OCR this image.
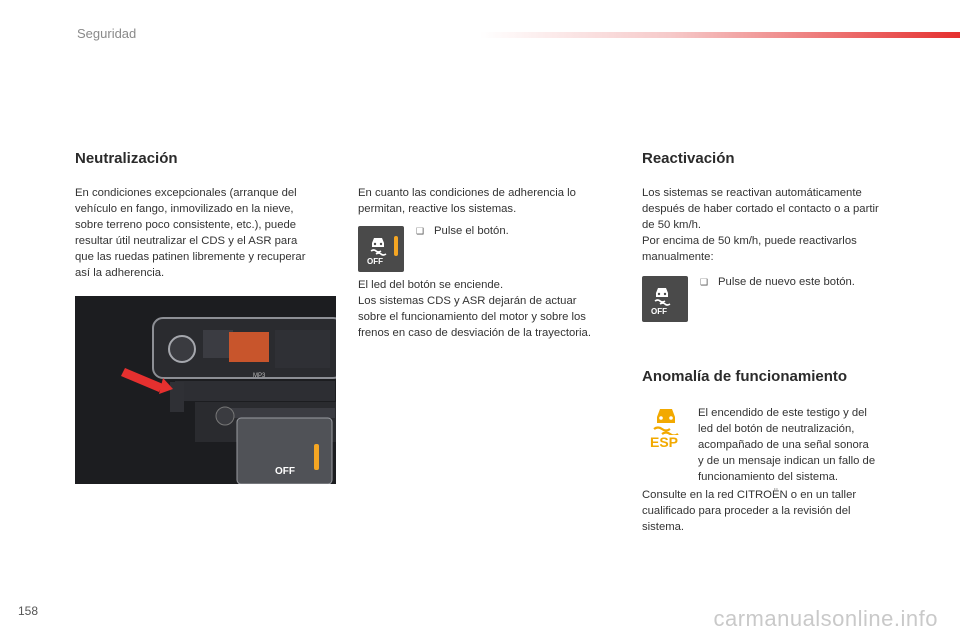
Seguridad
Neutralización

En condiciones excepcionales (arranque del

vehículo en fango, inmovilizado en la nieve,

sobre terreno poco consistente, etc.), puede

resultar útil neutralizar el CDS y el ASR para

que las ruedas patinen libremente y recuperar

así la adherencia.

OFF
MP3

En cuanto las condiciones de adherencia lo

permitan, reactive los sistemas.

OFF
❑ Pulse el botón.

El led del botón se enciende.

Los sistemas CDS y ASR dejarán de actuar

sobre el funcionamiento del motor y sobre los

frenos en caso de desviación de la trayectoria.

Reactivación

Los sistemas se reactivan automáticamente

después de haber cortado el contacto o a partir

de 50 km/h.

Por encima de 50 km/h, puede reactivarlos

manualmente:

OFF
❑ Pulse de nuevo este botón.
Anomalía de funcionamiento
ESP

El encendido de este testigo y del

led del botón de neutralización,

acompañado de una señal sonora

y de un mensaje indican un fallo de

funcionamiento del sistema.

Consulte en la red CITROËN o en un taller

cualificado para proceder a la revisión del

sistema.

158	carmanualsonline.info
